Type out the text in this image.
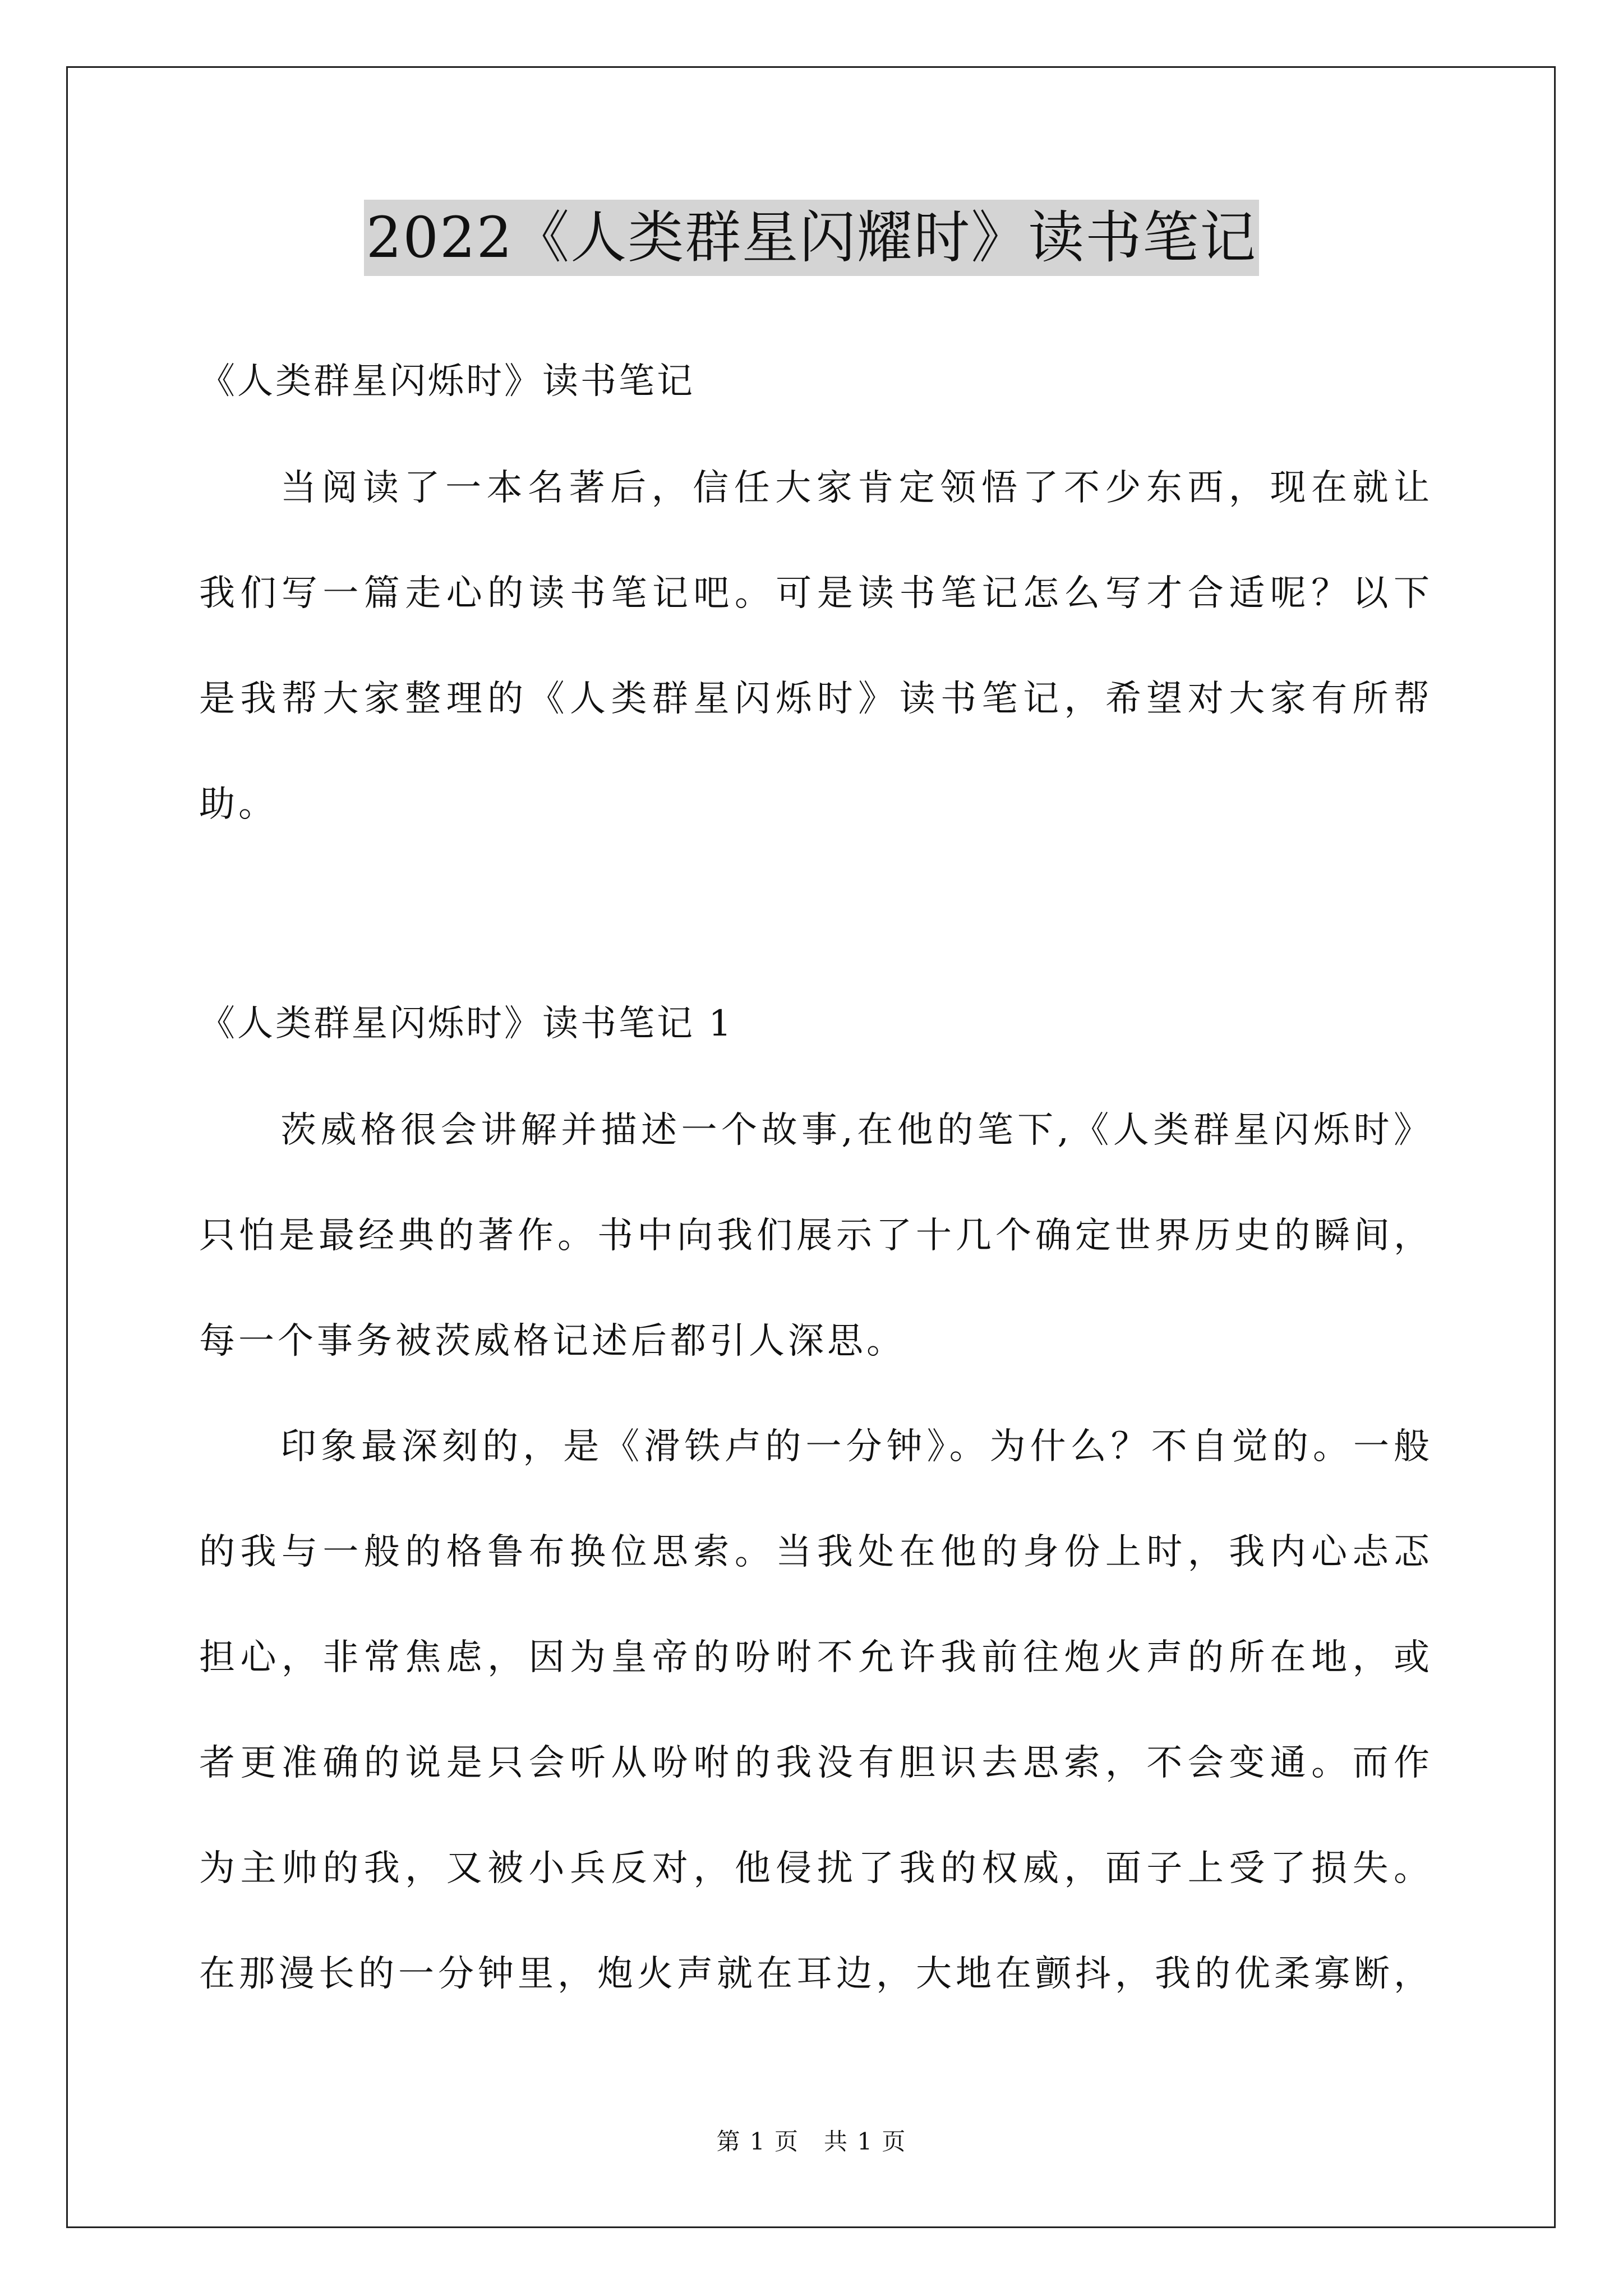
2022《人类群星闪耀时》读书笔记
《人类群星闪烁时》读书笔记
当阅读了一本名著后，信任大家肯定领悟了不少东西，现在就让
我们写一篇走心的读书笔记吧。可是读书笔记怎么写才合适呢？以下
是我帮大家整理的《人类群星闪烁时》读书笔记，希望对大家有所帮
助。
《人类群星闪烁时》读书笔记 1
茨威格很会讲解并描述一个故事,在他的笔下,《人类群星闪烁时》
只怕是最经典的著作。书中向我们展示了十几个确定世界历史的瞬间，
每一个事务被茨威格记述后都引人深思。
印象最深刻的，是《滑铁卢的一分钟》。为什么？不自觉的。一般
的我与一般的格鲁布换位思索。当我处在他的身份上时，我内心忐忑
担心，非常焦虑，因为皇帝的吩咐不允许我前往炮火声的所在地，或
者更准确的说是只会听从吩咐的我没有胆识去思索，不会变通。而作
为主帅的我，又被小兵反对，他侵扰了我的权威，面子上受了损失。
在那漫长的一分钟里，炮火声就在耳边，大地在颤抖，我的优柔寡断，
第 1 页　共 1 页
